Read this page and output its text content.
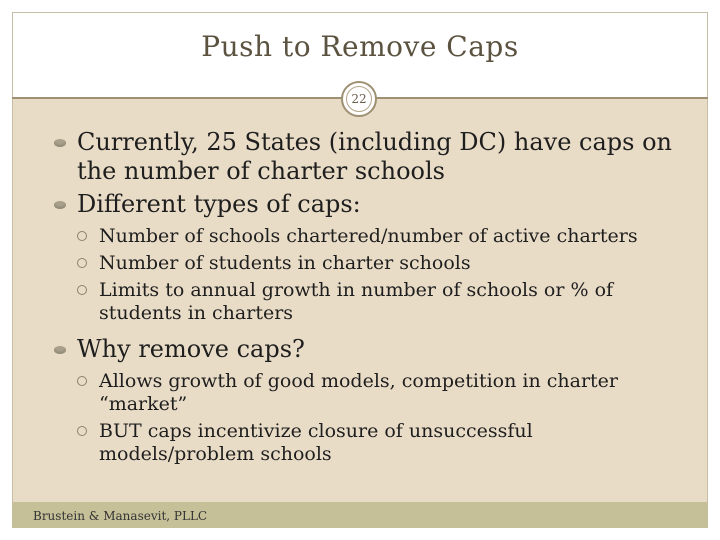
Push to Remove Caps
22
Currently, 25 States (including DC) have caps on the number of charter schools
Different types of caps:
Number of schools chartered/number of active charters
Number of students in charter schools
Limits to annual growth in number of schools or % of students in charters
Why remove caps?
Allows growth of good models, competition in charter “market”
BUT caps incentivize closure of unsuccessful models/problem schools
Brustein & Manasevit, PLLC
